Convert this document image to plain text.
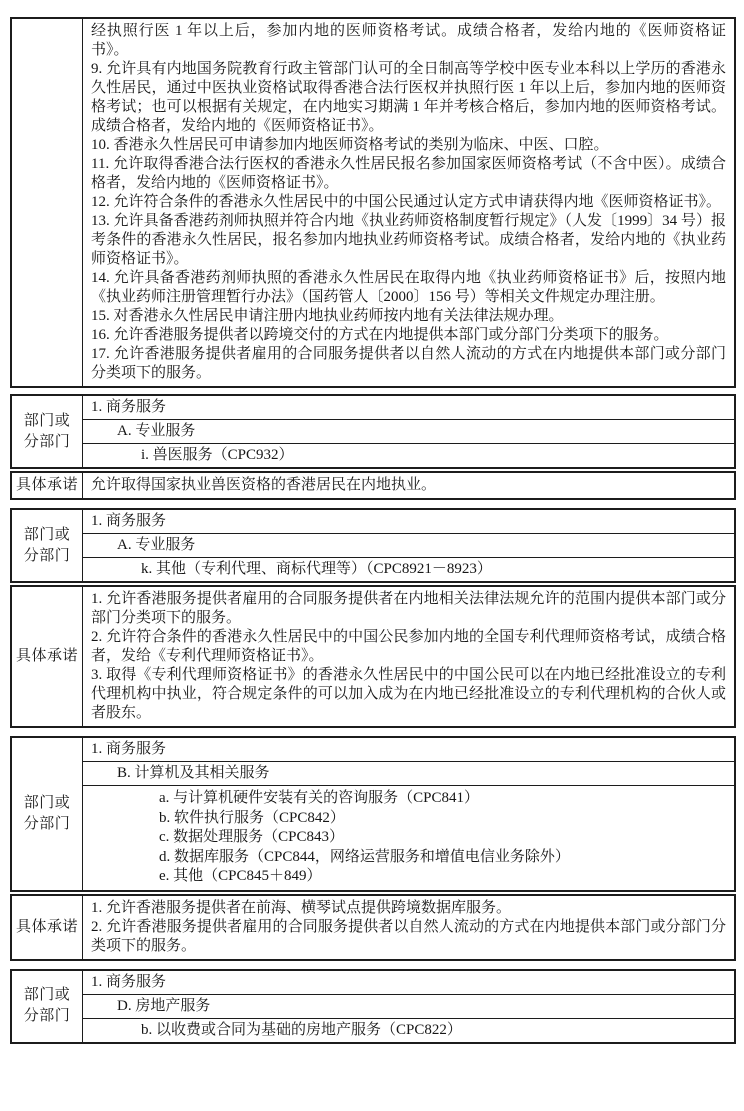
经执照行医 1 年以上后，参加内地的医师资格考试。成绩合格者，发给内地的《医师资格证书》。
9. 允许具有内地国务院教育行政主管部门认可的全日制高等学校中医专业本科以上学历的香港永久性居民，通过中医执业资格试取得香港合法行医权并执照行医 1 年以上后，参加内地的医师资格考试；也可以根据有关规定，在内地实习期满 1 年并考核合格后，参加内地的医师资格考试。成绩合格者，发给内地的《医师资格证书》。
10. 香港永久性居民可申请参加内地医师资格考试的类别为临床、中医、口腔。
11. 允许取得香港合法行医权的香港永久性居民报名参加国家医师资格考试（不含中医）。成绩合格者，发给内地的《医师资格证书》。
12. 允许符合条件的香港永久性居民中的中国公民通过认定方式申请获得内地《医师资格证书》。
13. 允许具备香港药剂师执照并符合内地《执业药师资格制度暂行规定》（人发〔1999〕34 号）报考条件的香港永久性居民，报名参加内地执业药师资格考试。成绩合格者，发给内地的《执业药师资格证书》。
14. 允许具备香港药剂师执照的香港永久性居民在取得内地《执业药师资格证书》后，按照内地《执业药师注册管理暂行办法》（国药管人〔2000〕156 号）等相关文件规定办理注册。
15. 对香港永久性居民申请注册内地执业药师按内地有关法律法规办理。
16. 允许香港服务提供者以跨境交付的方式在内地提供本部门或分部门分类项下的服务。
17. 允许香港服务提供者雇用的合同服务提供者以自然人流动的方式在内地提供本部门或分部门分类项下的服务。
部门或
分部门
1. 商务服务
A. 专业服务
i. 兽医服务（CPC932）
具体承诺 允许取得国家执业兽医资格的香港居民在内地执业。
部门或
分部门
1. 商务服务
A. 专业服务
k. 其他（专利代理、商标代理等）（CPC8921－8923）
具体承诺
1. 允许香港服务提供者雇用的合同服务提供者在内地相关法律法规允许的范围内提供本部门或分部门分类项下的服务。
2. 允许符合条件的香港永久性居民中的中国公民参加内地的全国专利代理师资格考试，成绩合格者，发给《专利代理师资格证书》。
3. 取得《专利代理师资格证书》的香港永久性居民中的中国公民可以在内地已经批准设立的专利代理机构中执业，符合规定条件的可以加入成为在内地已经批准设立的专利代理机构的合伙人或者股东。
部门或
分部门
1. 商务服务
B. 计算机及其相关服务
a. 与计算机硬件安装有关的咨询服务（CPC841）
b. 软件执行服务（CPC842）
c. 数据处理服务（CPC843）
d. 数据库服务（CPC844，网络运营服务和增值电信业务除外）
e. 其他（CPC845＋849）
具体承诺
1. 允许香港服务提供者在前海、横琴试点提供跨境数据库服务。
2. 允许香港服务提供者雇用的合同服务提供者以自然人流动的方式在内地提供本部门或分部门分类项下的服务。
部门或
分部门
1. 商务服务
D. 房地产服务
b. 以收费或合同为基础的房地产服务（CPC822）
